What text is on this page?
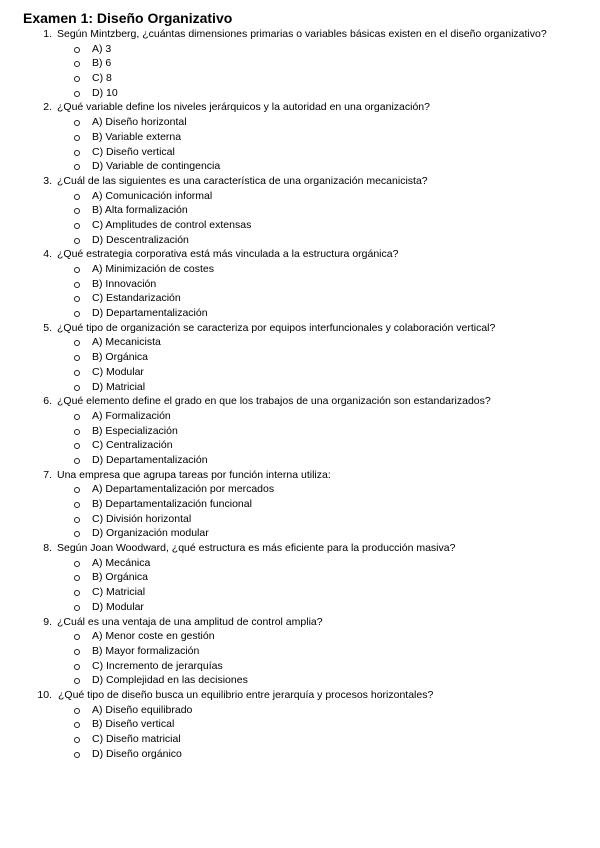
Examen 1: Diseño Organizativo
1. Según Mintzberg, ¿cuántas dimensiones primarias o variables básicas existen en el diseño organizativo?
A) 3
B) 6
C) 8
D) 10
2. ¿Qué variable define los niveles jerárquicos y la autoridad en una organización?
A) Diseño horizontal
B) Variable externa
C) Diseño vertical
D) Variable de contingencia
3. ¿Cuál de las siguientes es una característica de una organización mecanicista?
A) Comunicación informal
B) Alta formalización
C) Amplitudes de control extensas
D) Descentralización
4. ¿Qué estrategia corporativa está más vinculada a la estructura orgánica?
A) Minimización de costes
B) Innovación
C) Estandarización
D) Departamentalización
5. ¿Qué tipo de organización se caracteriza por equipos interfuncionales y colaboración vertical?
A) Mecanicista
B) Orgánica
C) Modular
D) Matricial
6. ¿Qué elemento define el grado en que los trabajos de una organización son estandarizados?
A) Formalización
B) Especialización
C) Centralización
D) Departamentalización
7. Una empresa que agrupa tareas por función interna utiliza:
A) Departamentalización por mercados
B) Departamentalización funcional
C) División horizontal
D) Organización modular
8. Según Joan Woodward, ¿qué estructura es más eficiente para la producción masiva?
A) Mecánica
B) Orgánica
C) Matricial
D) Modular
9. ¿Cuál es una ventaja de una amplitud de control amplia?
A) Menor coste en gestión
B) Mayor formalización
C) Incremento de jerarquías
D) Complejidad en las decisiones
10. ¿Qué tipo de diseño busca un equilibrio entre jerarquía y procesos horizontales?
A) Diseño equilibrado
B) Diseño vertical
C) Diseño matricial
D) Diseño orgánico
